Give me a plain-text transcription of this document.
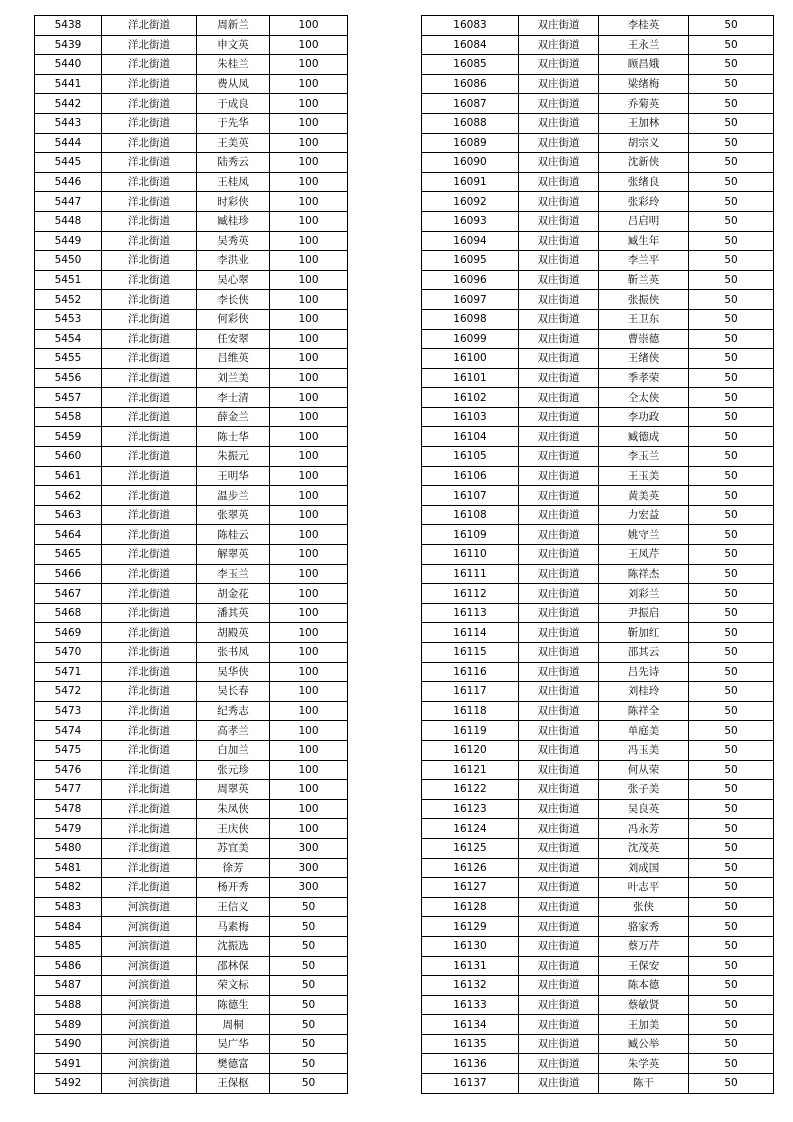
5438	洋北街道	周新兰	100
5439	洋北街道	申文英	100
5440	洋北街道	朱桂兰	100
5441	洋北街道	费从凤	100
5442	洋北街道	于成良	100
5443	洋北街道	于先华	100
5444	洋北街道	王美英	100
5445	洋北街道	陆秀云	100
5446	洋北街道	王桂凤	100
5447	洋北街道	时彩侠	100
5448	洋北街道	臧桂珍	100
5449	洋北街道	吴秀英	100
5450	洋北街道	李洪业	100
5451	洋北街道	吴心翠	100
5452	洋北街道	李长侠	100
5453	洋北街道	何彩侠	100
5454	洋北街道	任安翠	100
5455	洋北街道	吕维英	100
5456	洋北街道	刘兰美	100
5457	洋北街道	李士清	100
5458	洋北街道	薛金兰	100
5459	洋北街道	陈士华	100
5460	洋北街道	朱振元	100
5461	洋北街道	王明华	100
5462	洋北街道	温步兰	100
5463	洋北街道	张翠英	100
5464	洋北街道	陈桂云	100
5465	洋北街道	解翠英	100
5466	洋北街道	李玉兰	100
5467	洋北街道	胡金花	100
5468	洋北街道	潘其英	100
5469	洋北街道	胡殿英	100
5470	洋北街道	张书凤	100
5471	洋北街道	吴华侠	100
5472	洋北街道	吴长春	100
5473	洋北街道	纪秀志	100
5474	洋北街道	高孝兰	100
5475	洋北街道	白加兰	100
5476	洋北街道	张元珍	100
5477	洋北街道	周翠英	100
5478	洋北街道	朱凤侠	100
5479	洋北街道	王庆侠	100
5480	洋北街道	苏宜美	300
5481	洋北街道	徐芳	300
5482	洋北街道	杨开秀	300
5483	河滨街道	王信义	50
5484	河滨街道	马素梅	50
5485	河滨街道	沈振选	50
5486	河滨街道	邵林保	50
5487	河滨街道	荣文标	50
5488	河滨街道	陈德生	50
5489	河滨街道	周桐	50
5490	河滨街道	吴广华	50
5491	河滨街道	樊德富	50
5492	河滨街道	王保枢	50
16083	双庄街道	李桂英	50
16084	双庄街道	王永兰	50
16085	双庄街道	顾昌娥	50
16086	双庄街道	梁绪梅	50
16087	双庄街道	乔菊英	50
16088	双庄街道	王加林	50
16089	双庄街道	胡宗义	50
16090	双庄街道	沈新侠	50
16091	双庄街道	张绪良	50
16092	双庄街道	张彩玲	50
16093	双庄街道	吕启明	50
16094	双庄街道	臧生年	50
16095	双庄街道	李兰平	50
16096	双庄街道	靳兰英	50
16097	双庄街道	张振侠	50
16098	双庄街道	王卫东	50
16099	双庄街道	曹崇德	50
16100	双庄街道	王绪侠	50
16101	双庄街道	季孝荣	50
16102	双庄街道	仝太侠	50
16103	双庄街道	李功政	50
16104	双庄街道	臧德成	50
16105	双庄街道	李玉兰	50
16106	双庄街道	王玉美	50
16107	双庄街道	黄美英	50
16108	双庄街道	力宏益	50
16109	双庄街道	姚守兰	50
16110	双庄街道	王凤芹	50
16111	双庄街道	陈祥杰	50
16112	双庄街道	刘彩兰	50
16113	双庄街道	尹振启	50
16114	双庄街道	靳加红	50
16115	双庄街道	邵其云	50
16116	双庄街道	吕先诗	50
16117	双庄街道	刘桂玲	50
16118	双庄街道	陈祥全	50
16119	双庄街道	单庭美	50
16120	双庄街道	冯玉美	50
16121	双庄街道	何从荣	50
16122	双庄街道	张子美	50
16123	双庄街道	吴良英	50
16124	双庄街道	冯永芳	50
16125	双庄街道	沈茂英	50
16126	双庄街道	刘成国	50
16127	双庄街道	叶志平	50
16128	双庄街道	张侠	50
16129	双庄街道	骆家秀	50
16130	双庄街道	蔡万芹	50
16131	双庄街道	王保安	50
16132	双庄街道	陈本德	50
16133	双庄街道	蔡敏贤	50
16134	双庄街道	王加美	50
16135	双庄街道	臧公举	50
16136	双庄街道	朱学英	50
16137	双庄街道	陈干	50
